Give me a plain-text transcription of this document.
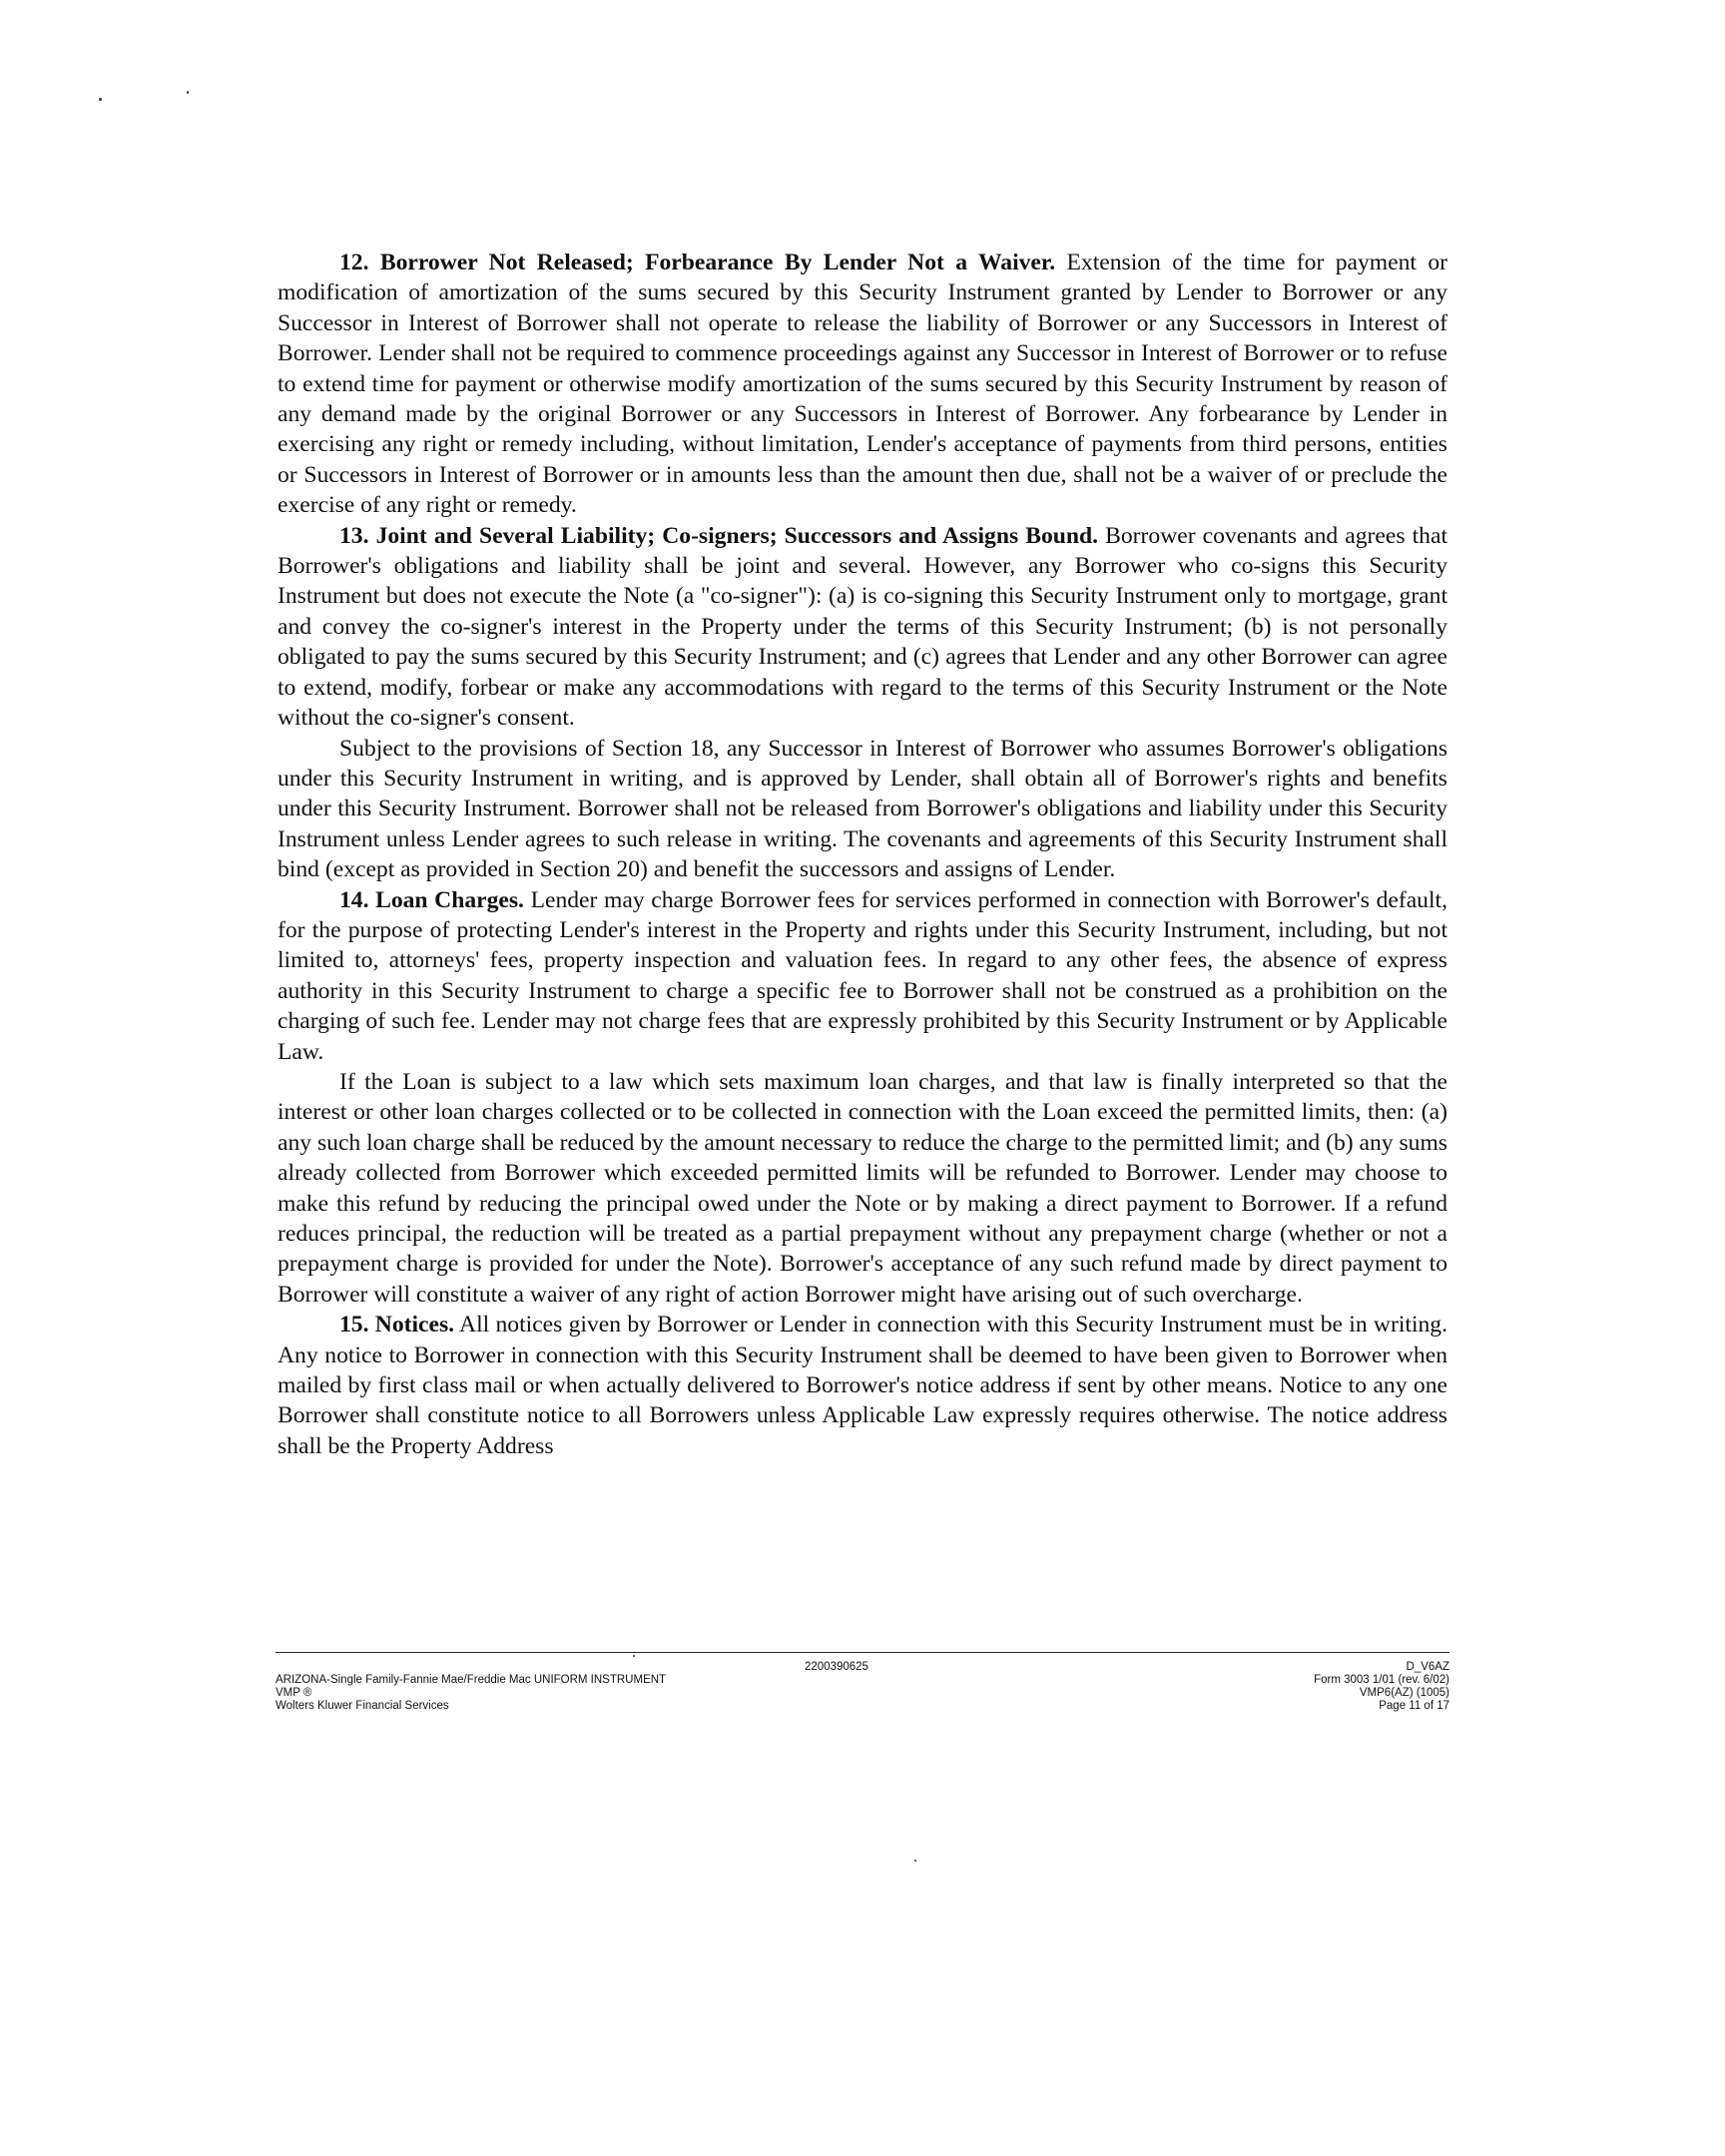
12. Borrower Not Released; Forbearance By Lender Not a Waiver. Extension of the time for payment or modification of amortization of the sums secured by this Security Instrument granted by Lender to Borrower or any Successor in Interest of Borrower shall not operate to release the liability of Borrower or any Successors in Interest of Borrower. Lender shall not be required to commence proceedings against any Successor in Interest of Borrower or to refuse to extend time for payment or otherwise modify amortization of the sums secured by this Security Instrument by reason of any demand made by the original Borrower or any Successors in Interest of Borrower. Any forbearance by Lender in exercising any right or remedy including, without limitation, Lender's acceptance of payments from third persons, entities or Successors in Interest of Borrower or in amounts less than the amount then due, shall not be a waiver of or preclude the exercise of any right or remedy.

13. Joint and Several Liability; Co-signers; Successors and Assigns Bound. Borrower covenants and agrees that Borrower's obligations and liability shall be joint and several. However, any Borrower who co-signs this Security Instrument but does not execute the Note (a "co-signer"): (a) is co-signing this Security Instrument only to mortgage, grant and convey the co-signer's interest in the Property under the terms of this Security Instrument; (b) is not personally obligated to pay the sums secured by this Security Instrument; and (c) agrees that Lender and any other Borrower can agree to extend, modify, forbear or make any accommodations with regard to the terms of this Security Instrument or the Note without the co-signer's consent.

Subject to the provisions of Section 18, any Successor in Interest of Borrower who assumes Borrower's obligations under this Security Instrument in writing, and is approved by Lender, shall obtain all of Borrower's rights and benefits under this Security Instrument. Borrower shall not be released from Borrower's obligations and liability under this Security Instrument unless Lender agrees to such release in writing. The covenants and agreements of this Security Instrument shall bind (except as provided in Section 20) and benefit the successors and assigns of Lender.

14. Loan Charges. Lender may charge Borrower fees for services performed in connection with Borrower's default, for the purpose of protecting Lender's interest in the Property and rights under this Security Instrument, including, but not limited to, attorneys' fees, property inspection and valuation fees. In regard to any other fees, the absence of express authority in this Security Instrument to charge a specific fee to Borrower shall not be construed as a prohibition on the charging of such fee. Lender may not charge fees that are expressly prohibited by this Security Instrument or by Applicable Law.

If the Loan is subject to a law which sets maximum loan charges, and that law is finally interpreted so that the interest or other loan charges collected or to be collected in connection with the Loan exceed the permitted limits, then: (a) any such loan charge shall be reduced by the amount necessary to reduce the charge to the permitted limit; and (b) any sums already collected from Borrower which exceeded permitted limits will be refunded to Borrower. Lender may choose to make this refund by reducing the principal owed under the Note or by making a direct payment to Borrower. If a refund reduces principal, the reduction will be treated as a partial prepayment without any prepayment charge (whether or not a prepayment charge is provided for under the Note). Borrower's acceptance of any such refund made by direct payment to Borrower will constitute a waiver of any right of action Borrower might have arising out of such overcharge.

15. Notices. All notices given by Borrower or Lender in connection with this Security Instrument must be in writing. Any notice to Borrower in connection with this Security Instrument shall be deemed to have been given to Borrower when mailed by first class mail or when actually delivered to Borrower's notice address if sent by other means. Notice to any one Borrower shall constitute notice to all Borrowers unless Applicable Law expressly requires otherwise. The notice address shall be the Property Address

2200390625
ARIZONA-Single Family-Fannie Mae/Freddie Mac UNIFORM INSTRUMENT
VMP ®
Wolters Kluwer Financial Services
D_V6AZ
Form 3003 1/01 (rev. 6/02)
VMP6(AZ) (1005)
Page 11 of 17
